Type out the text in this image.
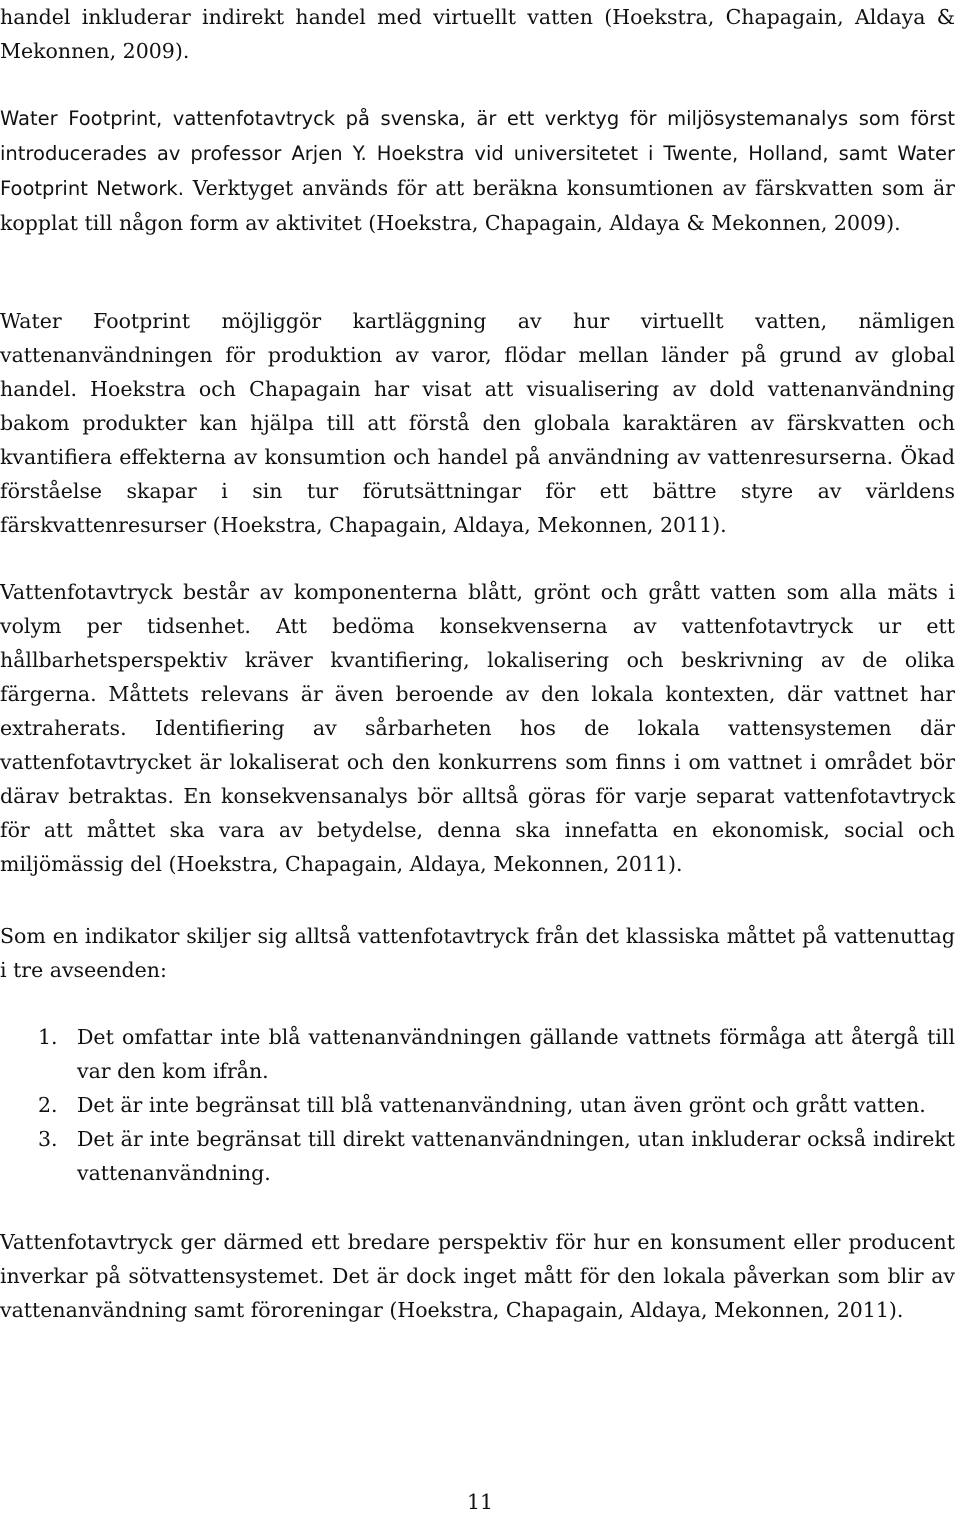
handel inkluderar indirekt handel med virtuellt vatten (Hoekstra, Chapagain, Aldaya & Mekonnen, 2009).

Water Footprint, vattenfotavtryck på svenska, är ett verktyg för miljösystemanalys som först introducerades av professor Arjen Y. Hoekstra vid universitetet i Twente, Holland, samt Water Footprint Network. Verktyget används för att beräkna konsumtionen av färskvatten som är kopplat till någon form av aktivitet (Hoekstra, Chapagain, Aldaya & Mekonnen, 2009).

Water Footprint möjliggör kartläggning av hur virtuellt vatten, nämligen vattenanvändningen för produktion av varor, flödar mellan länder på grund av global handel. Hoekstra och Chapagain har visat att visualisering av dold vattenanvändning bakom produkter kan hjälpa till att förstå den globala karaktären av färskvatten och kvantifiera effekterna av konsumtion och handel på användning av vattenresurserna. Ökad förståelse skapar i sin tur förutsättningar för ett bättre styre av världens färskvattenresurser (Hoekstra, Chapagain, Aldaya, Mekonnen, 2011).

Vattenfotavtryck består av komponenterna blått, grönt och grått vatten som alla mäts i volym per tidsenhet. Att bedöma konsekvenserna av vattenfotavtryck ur ett hållbarhetsperspektiv kräver kvantifiering, lokalisering och beskrivning av de olika färgerna. Måttets relevans är även beroende av den lokala kontexten, där vattnet har extraherats. Identifiering av sårbarheten hos de lokala vattensystemen där vattenfotavtrycket är lokaliserat och den konkurrens som finns i om vattnet i området bör därav betraktas. En konsekvensanalys bör alltså göras för varje separat vattenfotavtryck för att måttet ska vara av betydelse, denna ska innefatta en ekonomisk, social och miljömässig del (Hoekstra, Chapagain, Aldaya, Mekonnen, 2011).

Som en indikator skiljer sig alltså vattenfotavtryck från det klassiska måttet på vattenuttag i tre avseenden:

1. Det omfattar inte blå vattenanvändningen gällande vattnets förmåga att återgå till var den kom ifrån.
2. Det är inte begränsat till blå vattenanvändning, utan även grönt och grått vatten.
3. Det är inte begränsat till direkt vattenanvändningen, utan inkluderar också indirekt vattenanvändning.

Vattenfotavtryck ger därmed ett bredare perspektiv för hur en konsument eller producent inverkar på sötvattensystemet. Det är dock inget mått för den lokala påverkan som blir av vattenanvändning samt föroreningar (Hoekstra, Chapagain, Aldaya, Mekonnen, 2011).

11
